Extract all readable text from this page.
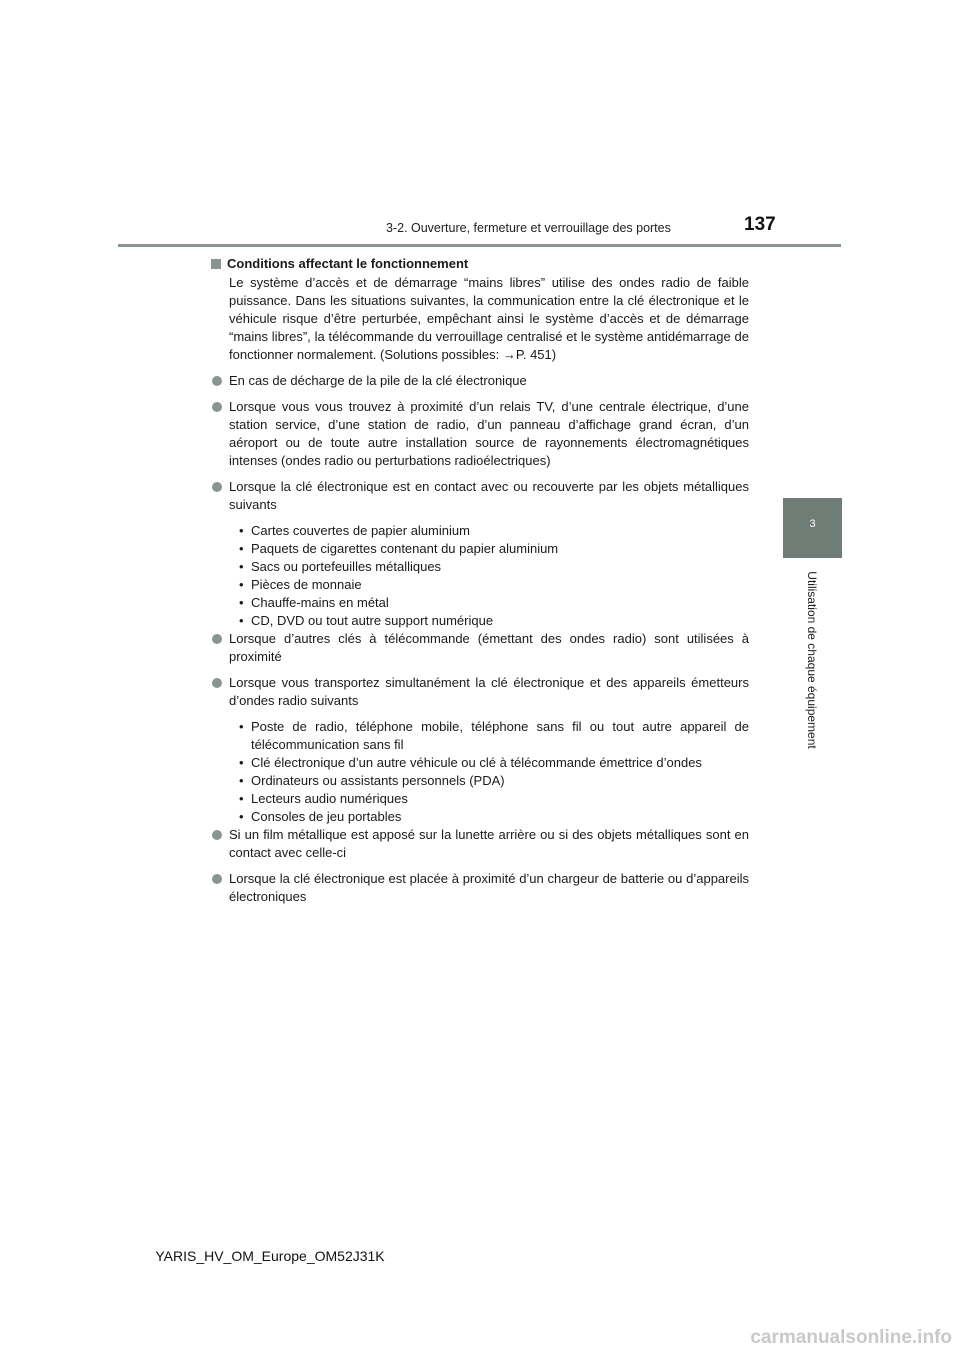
3-2. Ouverture, fermeture et verrouillage des portes	137
3
Utilisation de chaque équipement
Conditions affectant le fonctionnement

Le système d’accès et de démarrage “mains libres” utilise des ondes radio de faible puissance. Dans les situations suivantes, la communication entre la clé électronique et le véhicule risque d’être perturbée, empêchant ainsi le système d’accès et de démarrage “mains libres”, la télécommande du verrouillage centralisé et le système antidémarrage de fonctionner normalement. (Solutions possibles: →P. 451)

En cas de décharge de la pile de la clé électronique
Lorsque vous vous trouvez à proximité d’un relais TV, d’une centrale électrique, d’une station service, d’une station de radio, d’un panneau d’affichage grand écran, d’un aéroport ou de toute autre installation source de rayonnements électromagnétiques intenses (ondes radio ou perturbations radioélectriques)
Lorsque la clé électronique est en contact avec ou recouverte par les objets métalliques suivants
• Cartes couvertes de papier aluminium
• Paquets de cigarettes contenant du papier aluminium
• Sacs ou portefeuilles métalliques
• Pièces de monnaie
• Chauffe-mains en métal
• CD, DVD ou tout autre support numérique
Lorsque d’autres clés à télécommande (émettant des ondes radio) sont utilisées à proximité
Lorsque vous transportez simultanément la clé électronique et des appareils émetteurs d’ondes radio suivants
• Poste de radio, téléphone mobile, téléphone sans fil ou tout autre appareil de télécommunication sans fil
• Clé électronique d’un autre véhicule ou clé à télécommande émettrice d’ondes
• Ordinateurs ou assistants personnels (PDA)
• Lecteurs audio numériques
• Consoles de jeu portables
Si un film métallique est apposé sur la lunette arrière ou si des objets métalliques sont en contact avec celle-ci
Lorsque la clé électronique est placée à proximité d’un chargeur de batterie ou d’appareils électroniques
YARIS_HV_OM_Europe_OM52J31K
carmanualsonline.info
